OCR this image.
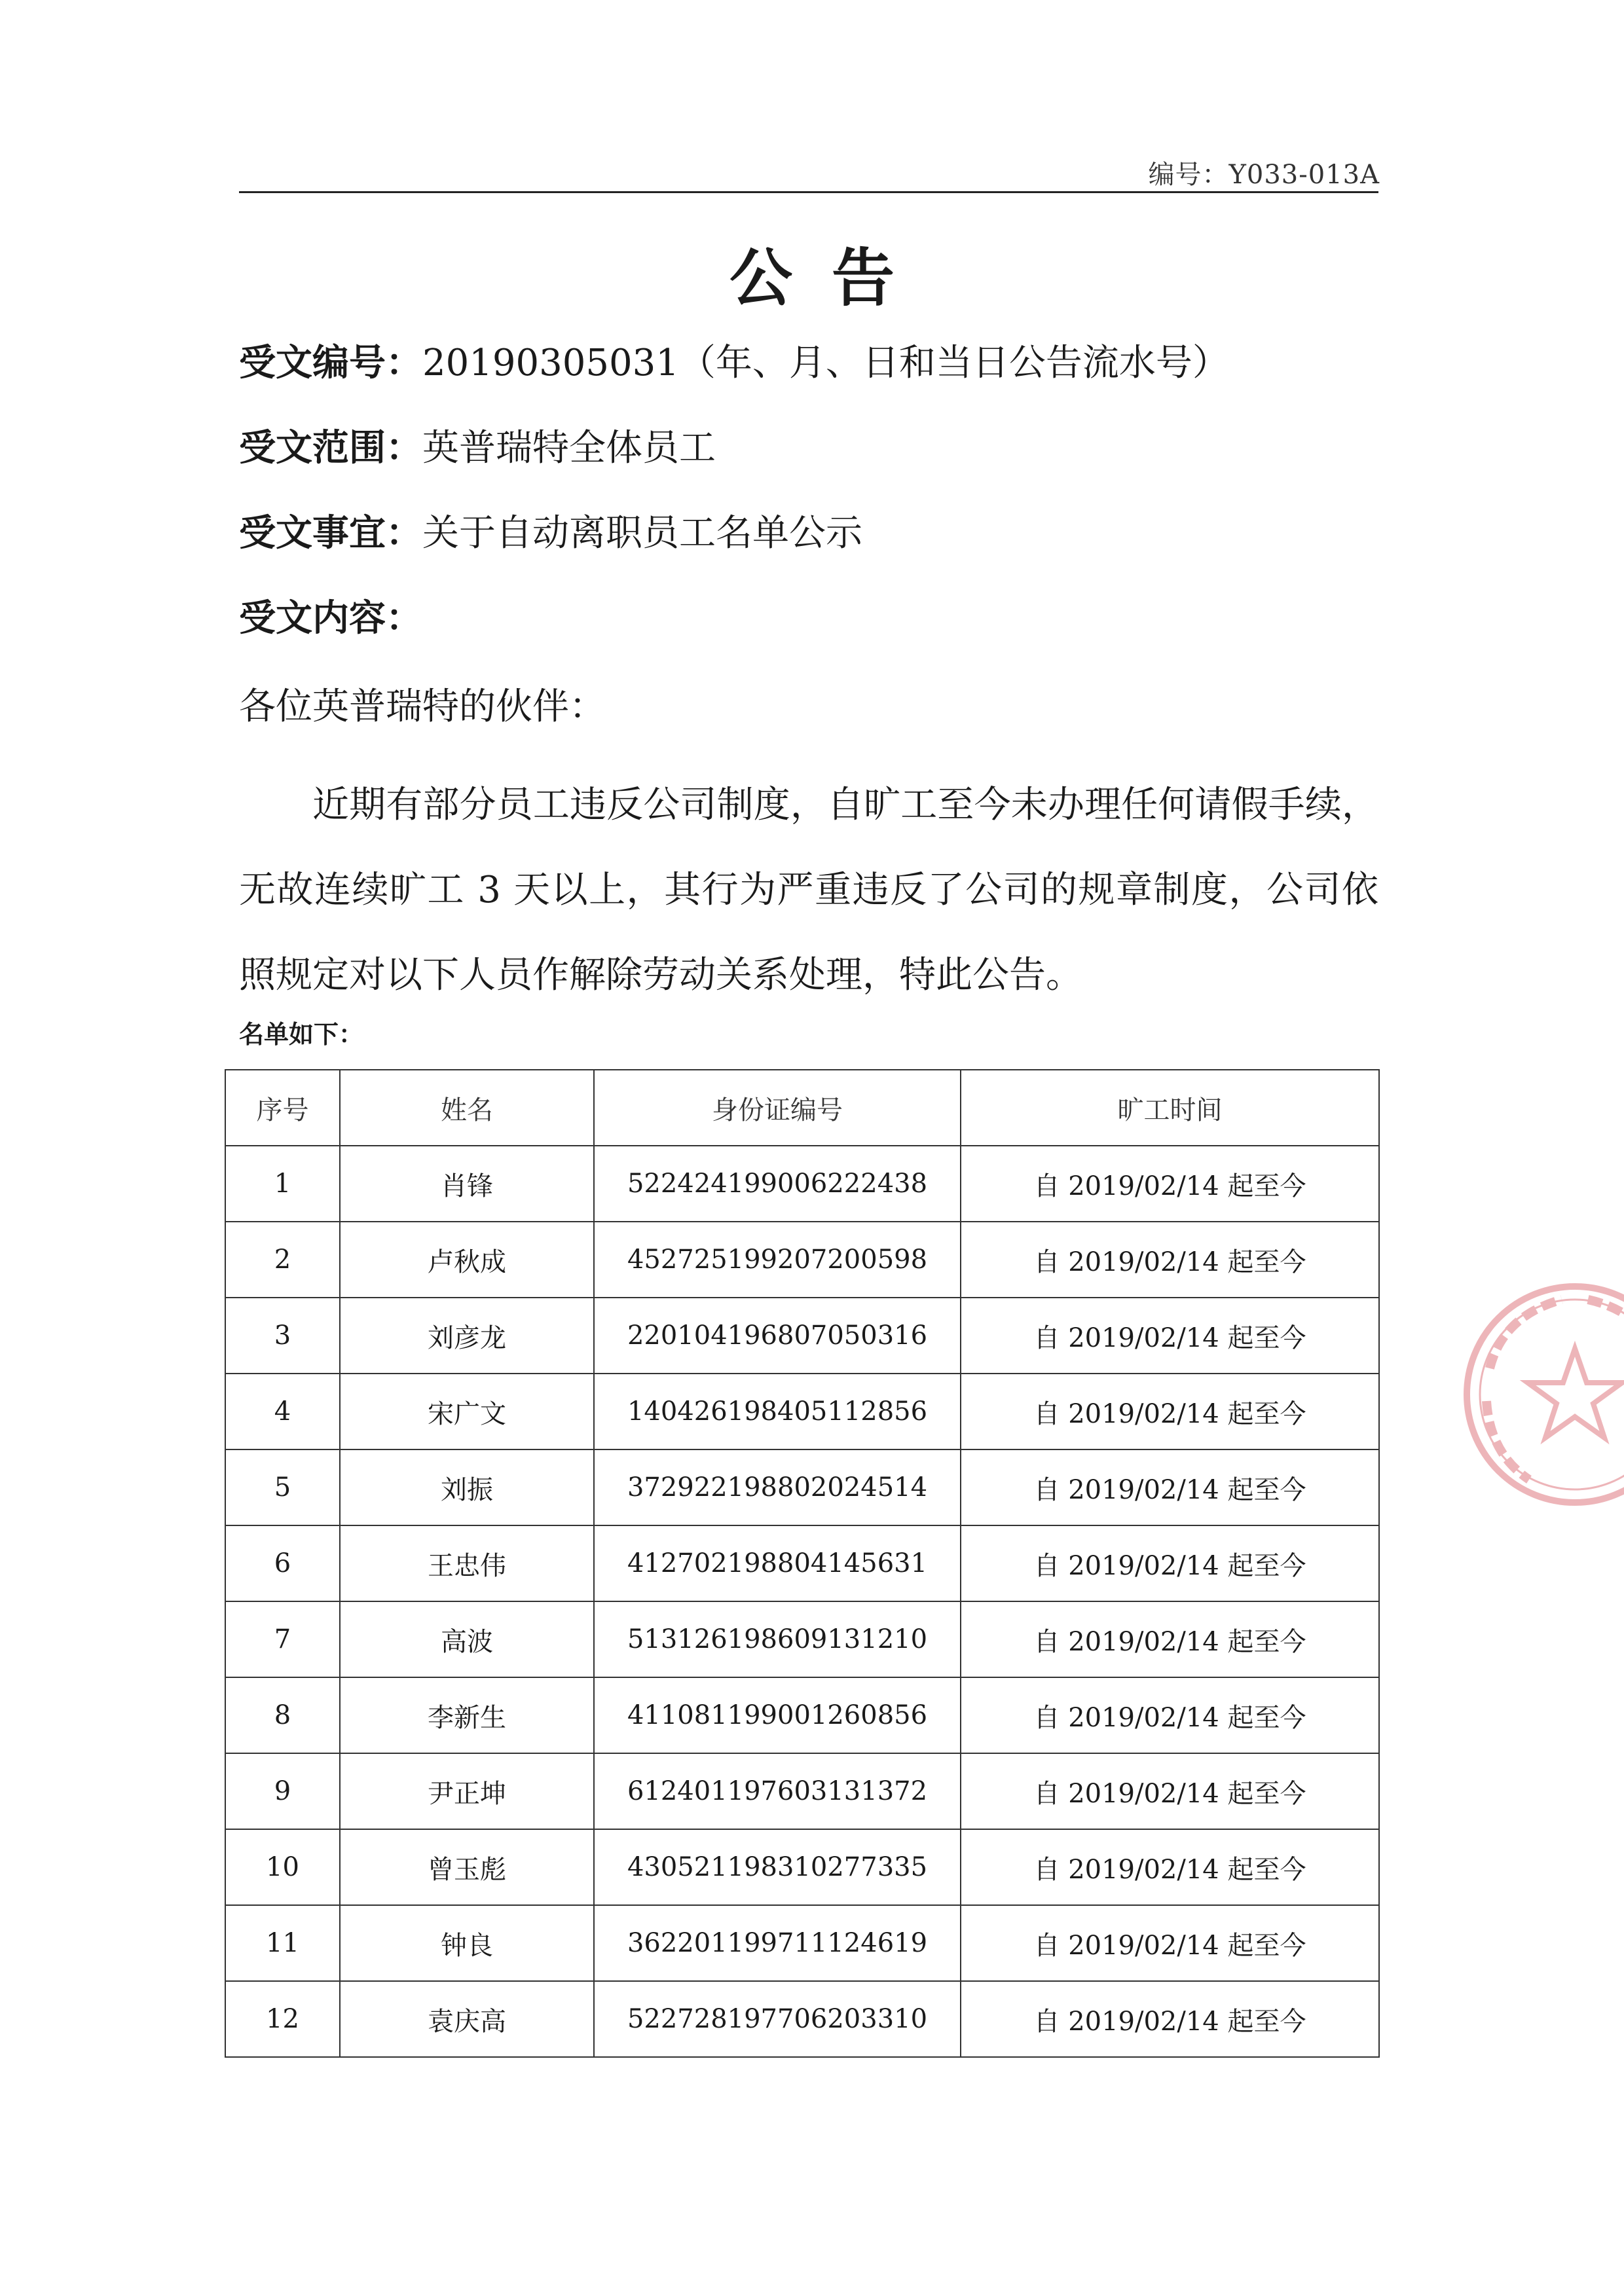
编号：Y033-013A
公告
受文编号：20190305031（年、月、日和当日公告流水号）
受文范围：英普瑞特全体员工
受文事宜：关于自动离职员工名单公示
受文内容：
各位英普瑞特的伙伴：
近期有部分员工违反公司制度，自旷工至今未办理任何请假手续，无故连续旷工 3 天以上，其行为严重违反了公司的规章制度，公司依照规定对以下人员作解除劳动关系处理，特此公告。
名单如下：
序号	姓名	身份证编号	旷工时间
1	肖锋	522424199006222438	自 2019/02/14 起至今
2	卢秋成	452725199207200598	自 2019/02/14 起至今
3	刘彦龙	220104196807050316	自 2019/02/14 起至今
4	宋广文	140426198405112856	自 2019/02/14 起至今
5	刘振	372922198802024514	自 2019/02/14 起至今
6	王忠伟	412702198804145631	自 2019/02/14 起至今
7	高波	513126198609131210	自 2019/02/14 起至今
8	李新生	411081199001260856	自 2019/02/14 起至今
9	尹正坤	612401197603131372	自 2019/02/14 起至今
10	曾玉彪	430521198310277335	自 2019/02/14 起至今
11	钟良	362201199711124619	自 2019/02/14 起至今
12	袁庆高	522728197706203310	自 2019/02/14 起至今
